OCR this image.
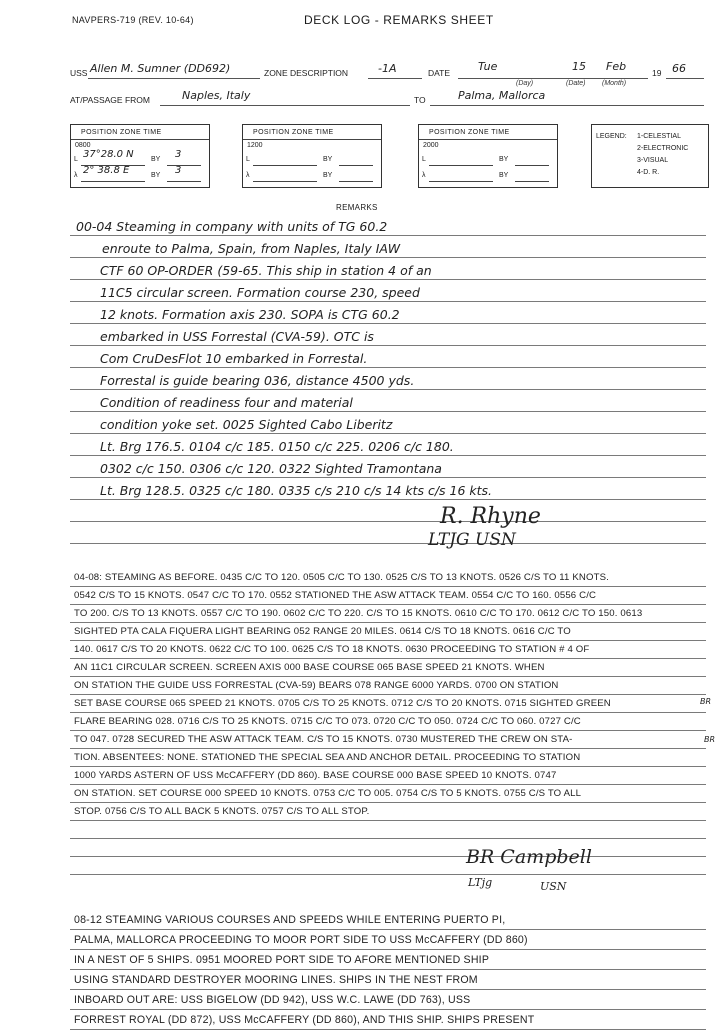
NAVPERS-719 (REV. 10-64)	DECK LOG - REMARKS SHEET
USS Allen M. Sumner (DD692)	ZONE DESCRIPTION	-1A	DATE	Tue	15 Feb	19 66
(Day)	(Date) (Month)
AT/PASSAGE FROM	Naples, Italy	TO	Palma, Mallorca
POSITION ZONE TIME
0800
L 37°28.0 N BY 3
λ 2° 38.8 E	BY 3
POSITION ZONE TIME
1200
L	BY
λ	BY
POSITION ZONE TIME
2000
L	BY
λ	BY
LEGEND: 1-CELESTIAL
2-ELECTRONIC
3-VISUAL
4-D. R.
REMARKS
00-04 Steaming in company with units of TG 60.2
enroute to Palma, Spain, from Naples, Italy IAW
CTF 60 OP-ORDER (59-65. This ship in station 4 of an
11C5 circular screen. Formation course 230, speed
12 knots. Formation axis 230. SOPA is CTG 60.2
embarked in USS Forrestal (CVA-59). OTC is
Com CruDesFlot 10 embarked in Forrestal.
Forrestal is guide bearing 036, distance 4500 yds.
Condition of readiness four and material
condition yoke set. 0025 Sighted Cabo Liberitz
Lt. Brg 176.5. 0104 c/c 185. 0150 c/c 225. 0206 c/c 180.
0302 c/c 150. 0306 c/c 120. 0322 Sighted Tramontana
Lt. Brg 128.5. 0325 c/c 180. 0335 c/s 210 c/s 14 kts c/s 16 kts.
R. Rhyne
LTJG USN
04-08: STEAMING AS BEFORE. 0435 C/C TO 120. 0505 C/C TO 130. 0525 C/S TO 13 KNOTS. 0526 C/S TO 11 KNOTS.
0542 C/S TO 15 KNOTS. 0547 C/C TO 170. 0552 STATIONED THE ASW ATTACK TEAM. 0554 C/C TO 160. 0556 C/C
TO 200. C/S TO 13 KNOTS. 0557 C/C TO 190. 0602 C/C TO 220. C/S TO 15 KNOTS. 0610 C/C TO 170. 0612 C/C TO 150. 0613
SIGHTED PTA CALA FIQUERA LIGHT BEARING 052 RANGE 20 MILES. 0614 C/S TO 18 KNOTS. 0616 C/C TO
140. 0617 C/S TO 20 KNOTS. 0622 C/C TO 100. 0625 C/S TO 18 KNOTS. 0630 PROCEEDING TO STATION # 4 OF
AN 11C1 CIRCULAR SCREEN. SCREEN AXIS 000 BASE COURSE 065 BASE SPEED 21 KNOTS. WHEN
ON STATION THE GUIDE USS FORRESTAL (CVA-59) BEARS 078 RANGE 6000 YARDS. 0700 ON STATION
SET BASE COURSE 065 SPEED 21 KNOTS. 0705 C/S TO 25 KNOTS. 0712 C/S TO 20 KNOTS. 0715 SIGHTED GREEN
FLARE BEARING 028. 0716 C/S TO 25 KNOTS. 0715 C/C TO 073. 0720 C/C TO 050. 0724 C/C TO 060. 0727 C/C
TO 047. 0728 SECURED THE ASW ATTACK TEAM. C/S TO 15 KNOTS. 0730 MUSTERED THE CREW ON STA-
TION. ABSENTEES: NONE. STATIONED THE SPECIAL SEA AND ANCHOR DETAIL. PROCEEDING TO STATION
1000 YARDS ASTERN OF USS McCAFFERY (DD 860). BASE COURSE 000 BASE SPEED 10 KNOTS. 0747
ON STATION. SET COURSE 000 SPEED 10 KNOTS. 0753 C/C TO 005. 0754 C/S TO 5 KNOTS. 0755 C/S TO ALL
STOP. 0756 C/S TO ALL BACK 5 KNOTS. 0757 C/S TO ALL STOP.
BR
BR
BR Campbell
LTjg	USN
08-12 STEAMING VARIOUS COURSES AND SPEEDS WHILE ENTERING PUERTO PI,
PALMA, MALLORCA PROCEEDING TO MOOR PORT SIDE TO USS McCAFFERY (DD 860)
IN A NEST OF 5 SHIPS. 0951 MOORED PORT SIDE TO AFORE MENTIONED SHIP
USING STANDARD DESTROYER MOORING LINES. SHIPS IN THE NEST FROM
INBOARD OUT ARE: USS BIGELOW (DD 942), USS W.C. LAWE (DD 763), USS
FORREST ROYAL (DD 872), USS McCAFFERY (DD 860), AND THIS SHIP. SHIPS PRESENT
